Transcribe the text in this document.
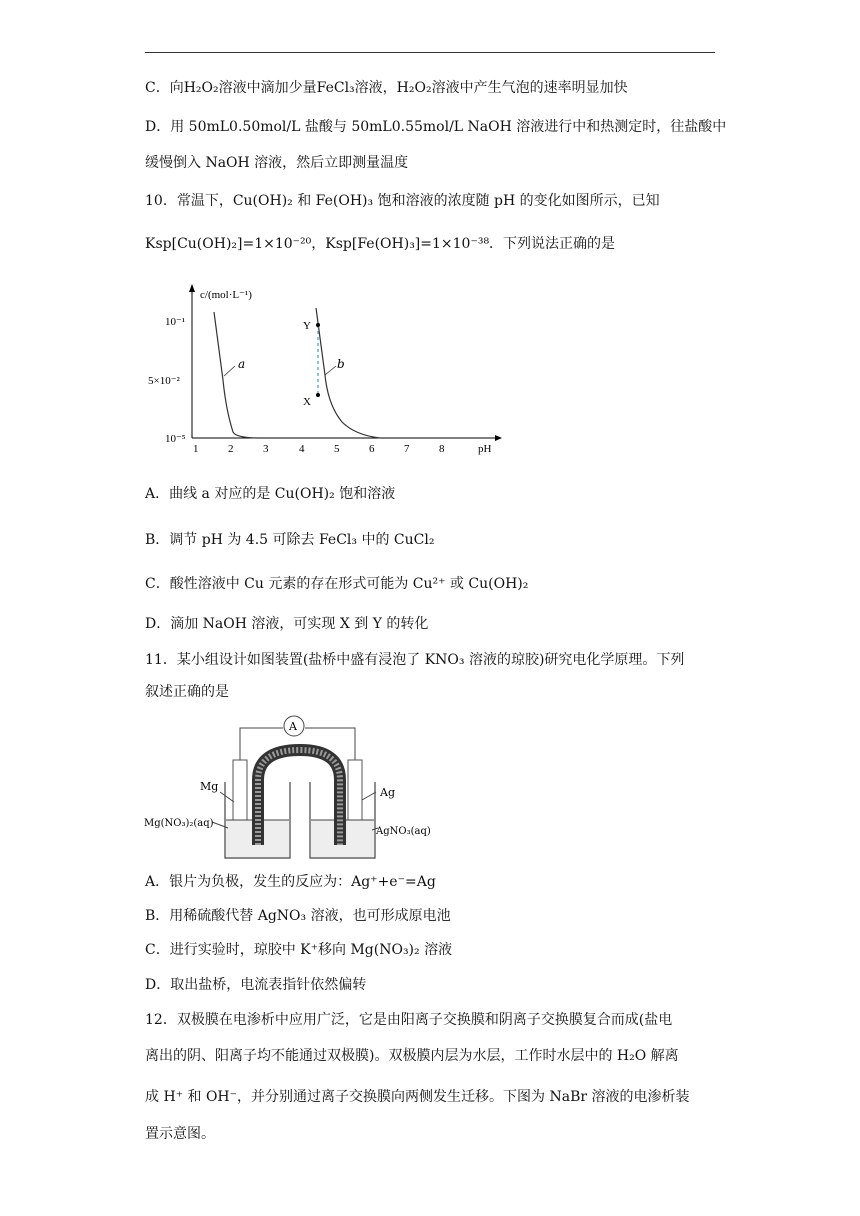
C．向H₂O₂溶液中滴加少量FeCl₃溶液，H₂O₂溶液中产生气泡的速率明显加快
D．用 50mL0.50mol/L 盐酸与 50mL0.55mol/L NaOH 溶液进行中和热测定时，往盐酸中
缓慢倒入 NaOH 溶液，然后立即测量温度
10．常温下，Cu(OH)₂ 和 Fe(OH)₃ 饱和溶液的浓度随 pH 的变化如图所示，已知
Ksp[Cu(OH)₂]=1×10⁻²⁰，Ksp[Fe(OH)₃]=1×10⁻³⁸．下列说法正确的是
c/(mol·L⁻¹)
pH
10⁻¹
5×10⁻²
10⁻⁵
1	2	3	4	5	6	7	8
a	b
Y
X
A．曲线 a 对应的是 Cu(OH)₂ 饱和溶液
B．调节 pH 为 4.5 可除去 FeCl₃ 中的 CuCl₂
C．酸性溶液中 Cu 元素的存在形式可能为 Cu²⁺ 或 Cu(OH)₂
D．滴加 NaOH 溶液，可实现 X 到 Y 的转化
11．某小组设计如图装置(盐桥中盛有浸泡了 KNO₃ 溶液的琼胶)研究电化学原理。下列
叙述正确的是
A
Mg	Ag
Mg(NO₃)₂(aq)
AgNO₃(aq)
A．银片为负极，发生的反应为：Ag⁺+e⁻=Ag
B．用稀硫酸代替 AgNO₃ 溶液，也可形成原电池
C．进行实验时，琼胶中 K⁺移向 Mg(NO₃)₂ 溶液
D．取出盐桥，电流表指针依然偏转
12．双极膜在电渗析中应用广泛，它是由阳离子交换膜和阴离子交换膜复合而成(盐电
离出的阴、阳离子均不能通过双极膜)。双极膜内层为水层，工作时水层中的 H₂O 解离
成 H⁺ 和 OH⁻，并分别通过离子交换膜向两侧发生迁移。下图为 NaBr 溶液的电渗析装
置示意图。
